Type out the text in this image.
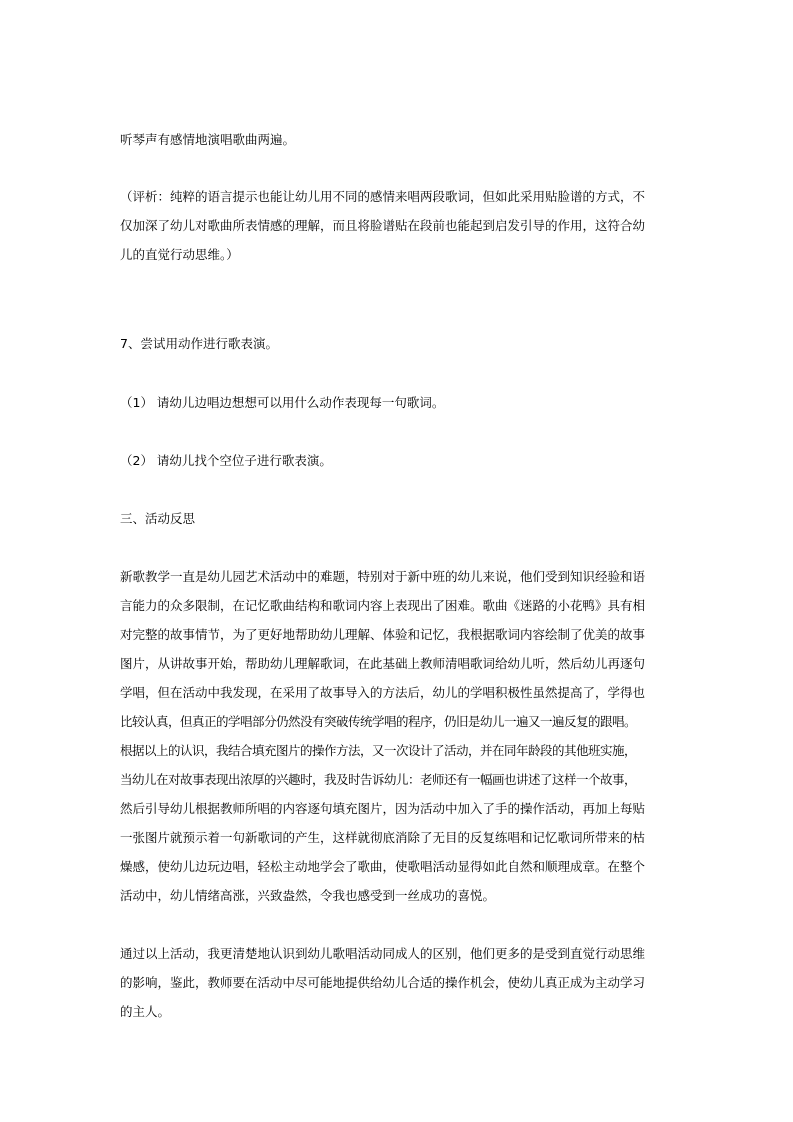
听琴声有感情地演唱歌曲两遍。
（评析：纯粹的语言提示也能让幼儿用不同的感情来唱两段歌词，但如此采用贴脸谱的方式，不
仅加深了幼儿对歌曲所表情感的理解，而且将脸谱贴在段前也能起到启发引导的作用，这符合幼
儿的直觉行动思维。）
7、尝试用动作进行歌表演。
（1） 请幼儿边唱边想想可以用什么动作表现每一句歌词。
（2） 请幼儿找个空位子进行歌表演。
三、活动反思
新歌教学一直是幼儿园艺术活动中的难题，特别对于新中班的幼儿来说，他们受到知识经验和语
言能力的众多限制，在记忆歌曲结构和歌词内容上表现出了困难。歌曲《迷路的小花鸭》具有相
对完整的故事情节，为了更好地帮助幼儿理解、体验和记忆，我根据歌词内容绘制了优美的故事
图片，从讲故事开始，帮助幼儿理解歌词，在此基础上教师清唱歌词给幼儿听，然后幼儿再逐句
学唱，但在活动中我发现，在采用了故事导入的方法后，幼儿的学唱积极性虽然提高了，学得也
比较认真，但真正的学唱部分仍然没有突破传统学唱的程序，仍旧是幼儿一遍又一遍反复的跟唱。
根据以上的认识，我结合填充图片的操作方法，又一次设计了活动，并在同年龄段的其他班实施，
当幼儿在对故事表现出浓厚的兴趣时，我及时告诉幼儿：老师还有一幅画也讲述了这样一个故事，
然后引导幼儿根据教师所唱的内容逐句填充图片，因为活动中加入了手的操作活动，再加上每贴
一张图片就预示着一句新歌词的产生，这样就彻底消除了无目的反复练唱和记忆歌词所带来的枯
燥感，使幼儿边玩边唱，轻松主动地学会了歌曲，使歌唱活动显得如此自然和顺理成章。在整个
活动中，幼儿情绪高涨，兴致盎然，令我也感受到一丝成功的喜悦。
通过以上活动，我更清楚地认识到幼儿歌唱活动同成人的区别，他们更多的是受到直觉行动思维
的影响，鉴此，教师要在活动中尽可能地提供给幼儿合适的操作机会，使幼儿真正成为主动学习
的主人。
